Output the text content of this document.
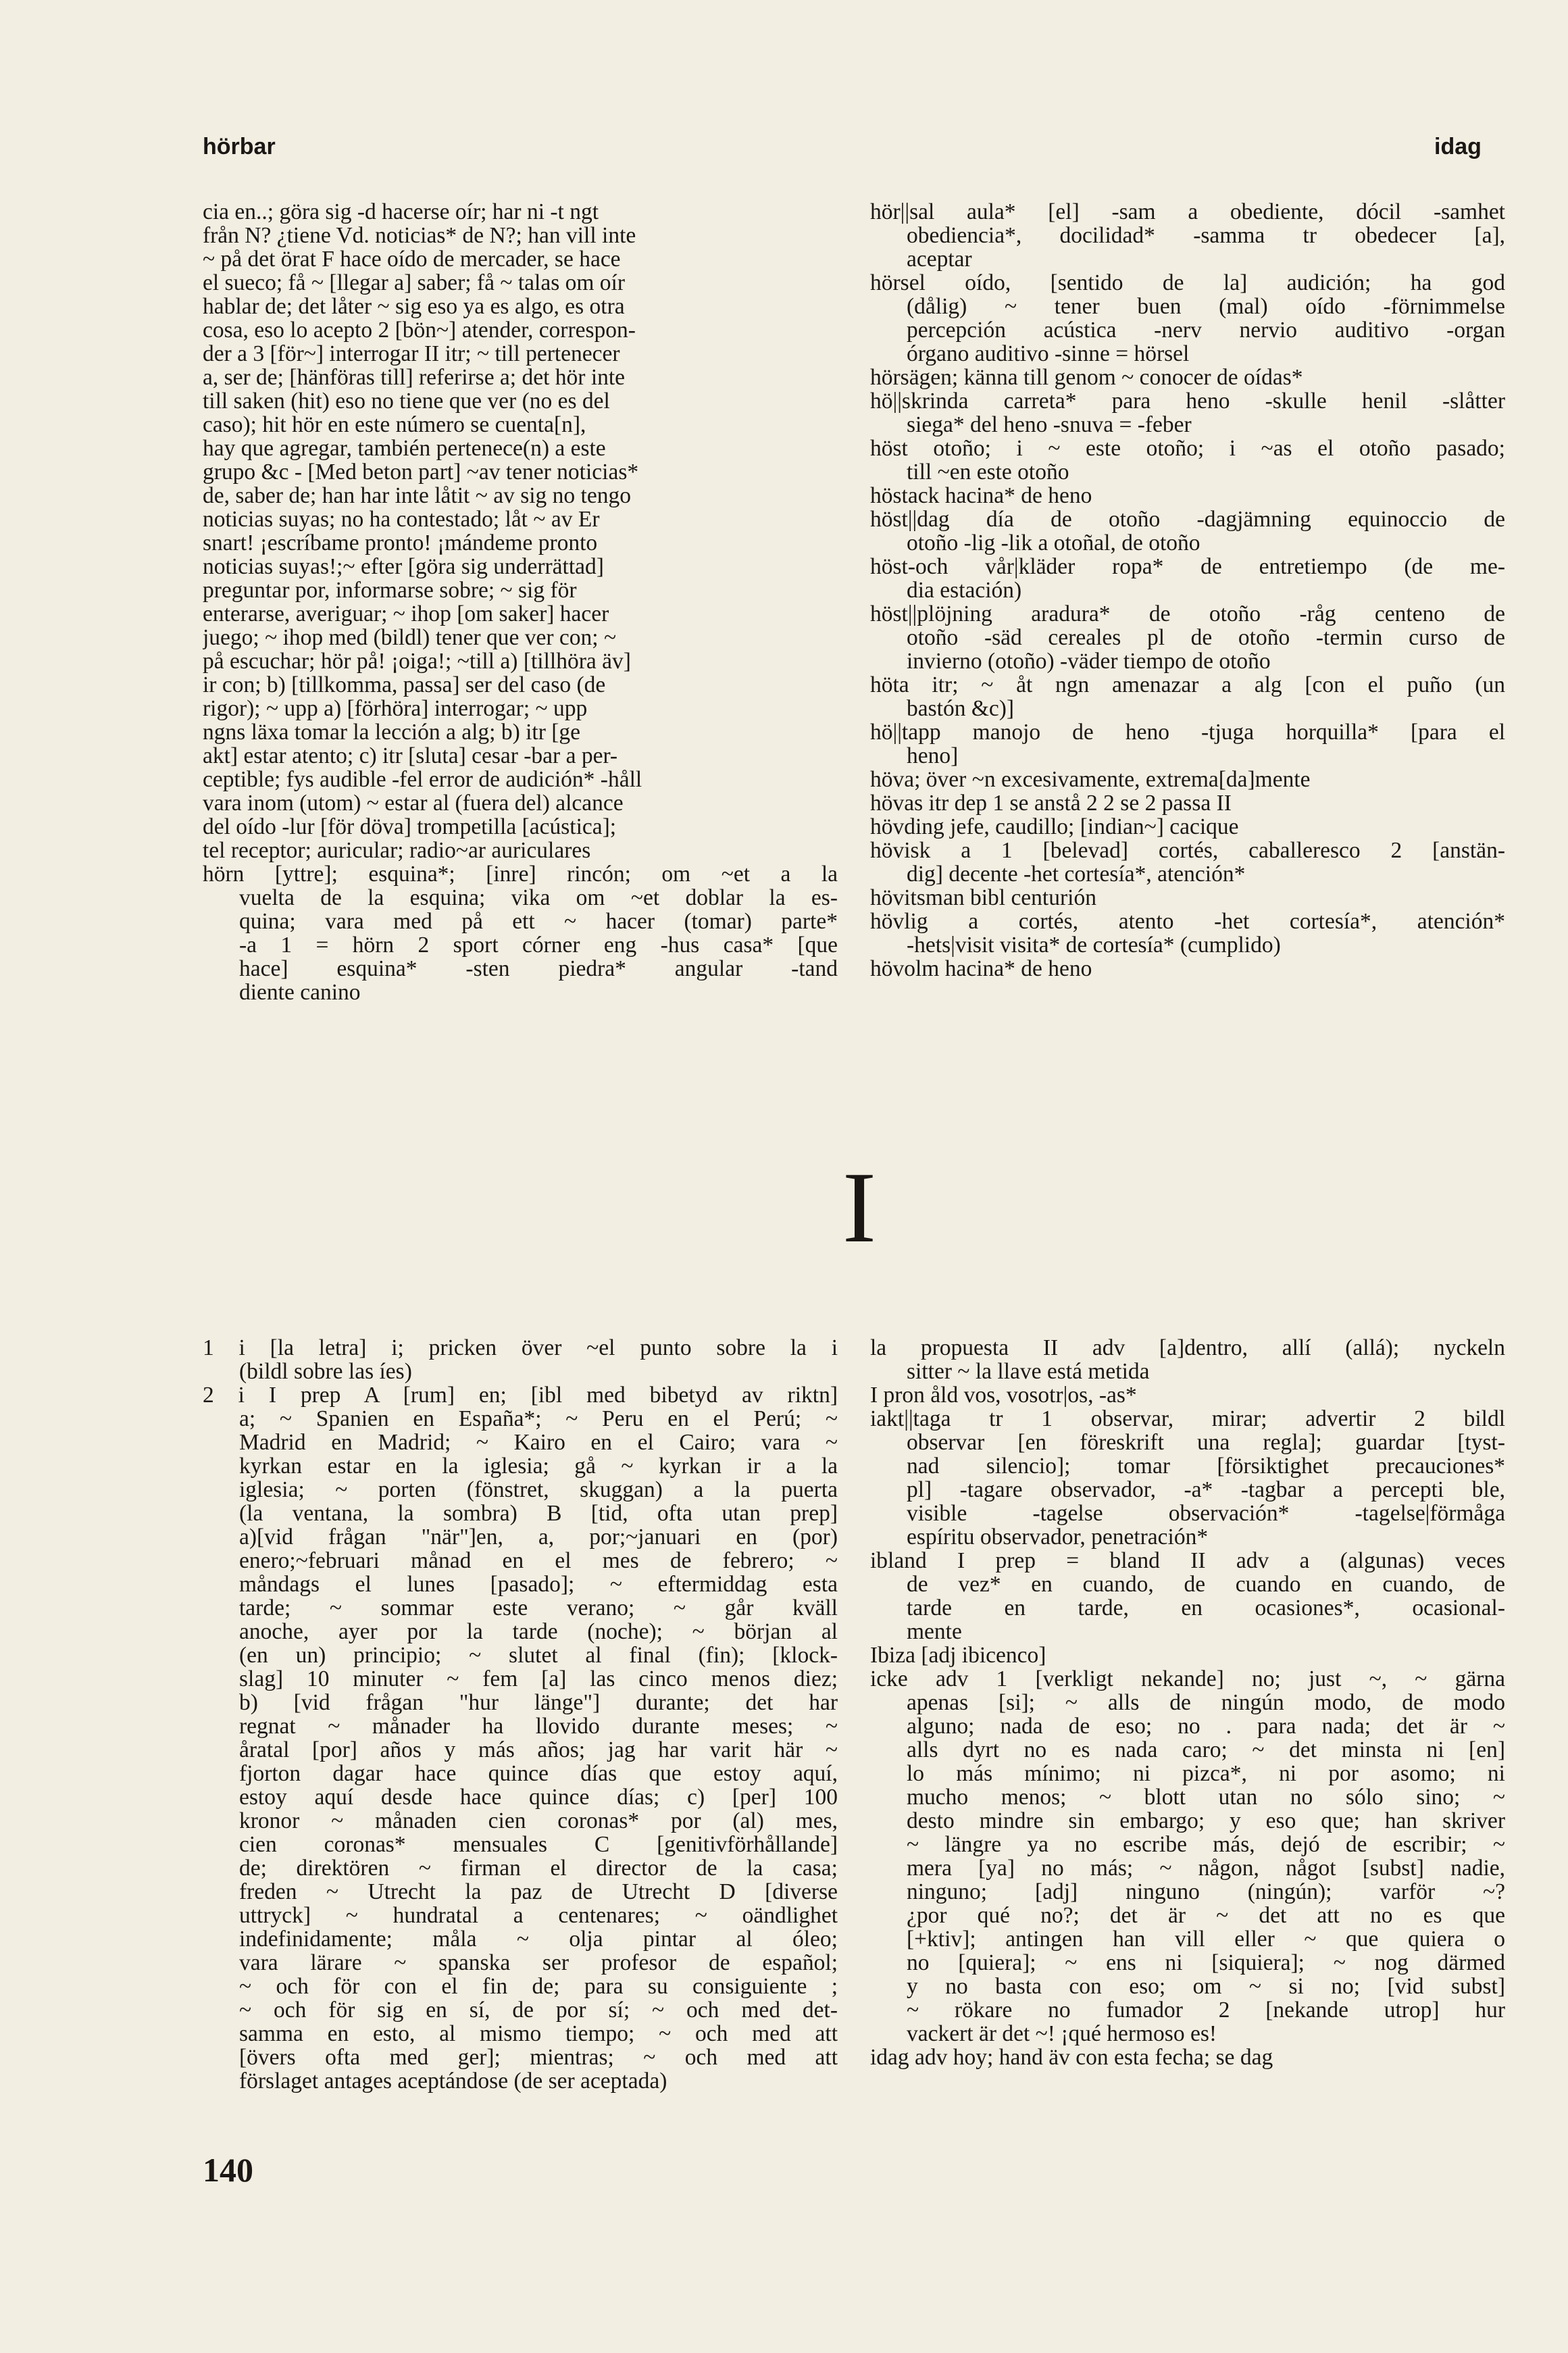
hörbar	idag
cia en..; göra sig -d hacerse oír; har ni -t ngt
från N? ¿tiene Vd. noticias* de N?; han vill inte
~ på det örat F hace oído de mercader, se hace
el sueco; få ~ [llegar a] saber; få ~ talas om oír
hablar de; det låter ~ sig eso ya es algo, es otra
cosa, eso lo acepto 2 [bön~] atender, correspon-
der a 3 [för~] interrogar II itr; ~ till pertenecer
a, ser de; [hänföras till] referirse a; det hör inte
till saken (hit) eso no tiene que ver (no es del
caso); hit hör en este número se cuenta[n],
hay que agregar, también pertenece(n) a este
grupo &c - [Med beton part] ~av tener noticias*
de, saber de; han har inte låtit ~ av sig no tengo
noticias suyas; no ha contestado; låt ~ av Er
snart! ¡escríbame pronto! ¡mándeme pronto
noticias suyas!;~ efter [göra sig underrättad]
preguntar por, informarse sobre; ~ sig för
enterarse, averiguar; ~ ihop [om saker] hacer
juego; ~ ihop med (bildl) tener que ver con; ~
på escuchar; hör på! ¡oiga!; ~till a) [tillhöra äv]
ir con; b) [tillkomma, passa] ser del caso (de
rigor); ~ upp a) [förhöra] interrogar; ~ upp
ngns läxa tomar la lección a alg; b) itr [ge
akt] estar atento; c) itr [sluta] cesar -bar a per-
ceptible; fys audible -fel error de audición* -håll
vara inom (utom) ~ estar al (fuera del) alcance
del oído -lur [för döva] trompetilla [acústica];
tel receptor; auricular; radio~ar auriculares
hörn [yttre]; esquina*; [inre] rincón; om ~et a la
vuelta de la esquina; vika om ~et doblar la es-
quina; vara med på ett ~ hacer (tomar) parte*
-a 1 = hörn 2 sport córner eng -hus casa* [que
hace] esquina* -sten piedra* angular -tand
diente canino
hör||sal aula* [el] -sam a obediente, dócil -samhet
obediencia*, docilidad* -samma tr obedecer [a],
aceptar
hörsel oído, [sentido de la] audición; ha god
(dålig) ~ tener buen (mal) oído -förnimmelse
percepción acústica -nerv nervio auditivo -organ
órgano auditivo -sinne = hörsel
hörsägen; känna till genom ~ conocer de oídas*
hö||skrinda carreta* para heno -skulle henil -slåtter
siega* del heno -snuva = -feber
höst otoño; i ~ este otoño; i ~as el otoño pasado;
till ~en este otoño
höstack hacina* de heno
höst||dag día de otoño -dagjämning equinoccio de
otoño -lig -lik a otoñal, de otoño
höst-och vår|kläder ropa* de entretiempo (de me-
dia estación)
höst||plöjning aradura* de otoño -råg centeno de
otoño -säd cereales pl de otoño -termin curso de
invierno (otoño) -väder tiempo de otoño
höta itr; ~ åt ngn amenazar a alg [con el puño (un
bastón &c)]
hö||tapp manojo de heno -tjuga horquilla* [para el
heno]
höva; över ~n excesivamente, extrema[da]mente
hövas itr dep 1 se anstå 2 2 se 2 passa II
hövding jefe, caudillo; [indian~] cacique
hövisk a 1 [belevad] cortés, caballeresco 2 [anstän-
dig] decente -het cortesía*, atención*
hövitsman bibl centurión
hövlig a cortés, atento -het cortesía*, atención*
-hets|visit visita* de cortesía* (cumplido)
hövolm hacina* de heno
I
1 i [la letra] i; pricken över ~el punto sobre la i
(bildl sobre las íes)
2 i I prep A [rum] en; [ibl med bibetyd av riktn]
a; ~ Spanien en España*; ~ Peru en el Perú; ~
Madrid en Madrid; ~ Kairo en el Cairo; vara ~
kyrkan estar en la iglesia; gå ~ kyrkan ir a la
iglesia; ~ porten (fönstret, skuggan) a la puerta
(la ventana, la sombra) B [tid, ofta utan prep]
a)[vid frågan "när"]en, a, por;~januari en (por)
enero;~februari månad en el mes de febrero; ~
måndags el lunes [pasado]; ~ eftermiddag esta
tarde; ~ sommar este verano; ~ går kväll
anoche, ayer por la tarde (noche); ~ början al
(en un) principio; ~ slutet al final (fin); [klock-
slag] 10 minuter ~ fem [a] las cinco menos diez;
b) [vid frågan "hur länge"] durante; det har
regnat ~ månader ha llovido durante meses; ~
åratal [por] años y más años; jag har varit här ~
fjorton dagar hace quince días que estoy aquí,
estoy aquí desde hace quince días; c) [per] 100
kronor ~ månaden cien coronas* por (al) mes,
cien coronas* mensuales C [genitivförhållande]
de; direktören ~ firman el director de la casa;
freden ~ Utrecht la paz de Utrecht D [diverse
uttryck] ~ hundratal a centenares; ~ oändlighet
indefinidamente; måla ~ olja pintar al óleo;
vara lärare ~ spanska ser profesor de español;
~ och för con el fin de; para su consiguiente ;
~ och för sig en sí, de por sí; ~ och med det-
samma en esto, al mismo tiempo; ~ och med att
[övers ofta med ger]; mientras; ~ och med att
förslaget antages aceptándose (de ser aceptada)
la propuesta II adv [a]dentro, allí (allá); nyckeln
sitter ~ la llave está metida
I pron åld vos, vosotr|os, -as*
iakt||taga tr 1 observar, mirar; advertir 2 bildl
observar [en föreskrift una regla]; guardar [tyst-
nad silencio]; tomar [försiktighet precauciones*
pl] -tagare observador, -a* -tagbar a percepti ble,
visible -tagelse observación* -tagelse|förmåga
espíritu observador, penetración*
ibland I prep = bland II adv a (algunas) veces
de vez* en cuando, de cuando en cuando, de
tarde en tarde, en ocasiones*, ocasional-
mente
Ibiza [adj ibicenco]
icke adv 1 [verkligt nekande] no; just ~, ~ gärna
apenas [si]; ~ alls de ningún modo, de modo
alguno; nada de eso; no . para nada; det är ~
alls dyrt no es nada caro; ~ det minsta ni [en]
lo más mínimo; ni pizca*, ni por asomo; ni
mucho menos; ~ blott utan no sólo sino; ~
desto mindre sin embargo; y eso que; han skriver
~ längre ya no escribe más, dejó de escribir; ~
mera [ya] no más; ~ någon, något [subst] nadie,
ninguno; [adj] ninguno (ningún); varför ~?
¿por qué no?; det är ~ det att no es que
[+ktiv]; antingen han vill eller ~ que quiera o
no [quiera]; ~ ens ni [siquiera]; ~ nog därmed
y no basta con eso; om ~ si no; [vid subst]
~ rökare no fumador 2 [nekande utrop] hur
vackert är det ~! ¡qué hermoso es!
idag adv hoy; hand äv con esta fecha; se dag
140
